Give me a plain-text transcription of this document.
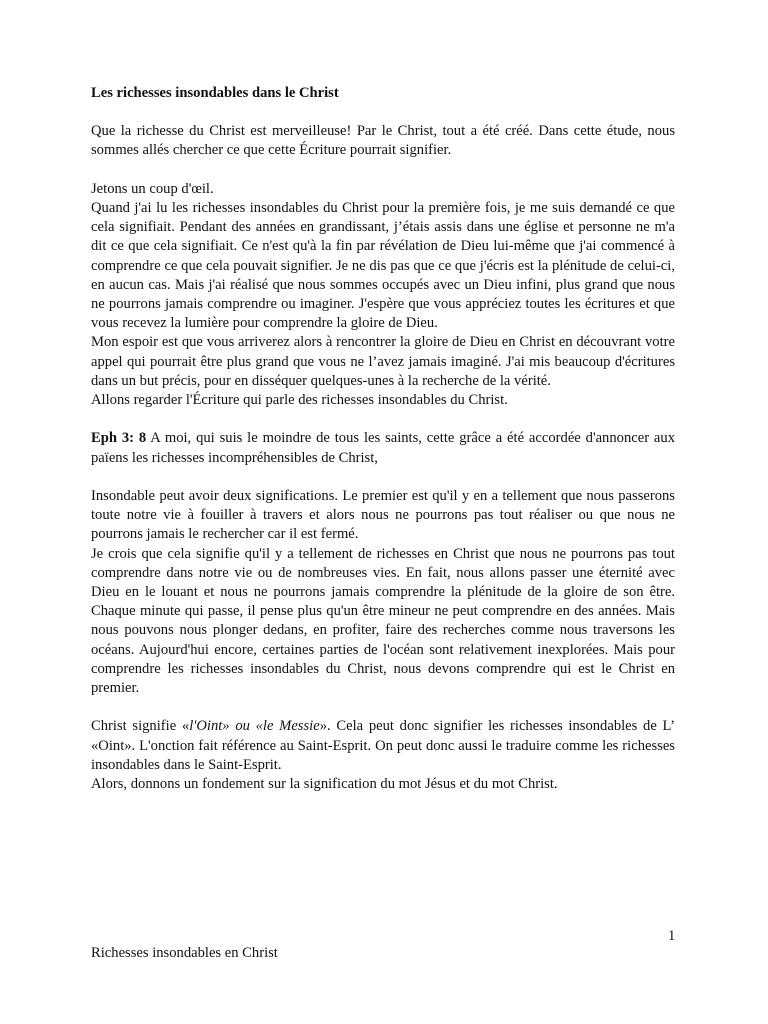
Les richesses insondables dans le Christ

Que la richesse du Christ est merveilleuse! Par le Christ, tout a été créé. Dans cette étude, nous sommes allés chercher ce que cette Écriture pourrait signifier.

Jetons un coup d'œil.

Quand j'ai lu les richesses insondables du Christ pour la première fois, je me suis demandé ce que cela signifiait. Pendant des années en grandissant, j’étais assis dans une église et personne ne m'a dit ce que cela signifiait. Ce n'est qu'à la fin par révélation de Dieu lui-même que j'ai commencé à comprendre ce que cela pouvait signifier. Je ne dis pas que ce que j'écris est la plénitude de celui-ci, en aucun cas. Mais j'ai réalisé que nous sommes occupés avec un Dieu infini, plus grand que nous ne pourrons jamais comprendre ou imaginer. J'espère que vous appréciez toutes les écritures et que vous recevez la lumière pour comprendre la gloire de Dieu.

Mon espoir est que vous arriverez alors à rencontrer la gloire de Dieu en Christ en découvrant votre appel qui pourrait être plus grand que vous ne l’avez jamais imaginé. J'ai mis beaucoup d'écritures dans un but précis, pour en disséquer quelques-unes à la recherche de la vérité.

Allons regarder l'Écriture qui parle des richesses insondables du Christ.

Eph 3: 8 A moi, qui suis le moindre de tous les saints, cette grâce a été accordée d'annoncer aux païens les richesses incompréhensibles de Christ,

Insondable peut avoir deux significations. Le premier est qu'il y en a tellement que nous passerons toute notre vie à fouiller à travers et alors nous ne pourrons pas tout réaliser ou que nous ne pourrons jamais le rechercher car il est fermé.

Je crois que cela signifie qu'il y a tellement de richesses en Christ que nous ne pourrons pas tout comprendre dans notre vie ou de nombreuses vies. En fait, nous allons passer une éternité avec Dieu en le louant et nous ne pourrons jamais comprendre la plénitude de la gloire de son être. Chaque minute qui passe, il pense plus qu'un être mineur ne peut comprendre en des années. Mais nous pouvons nous plonger dedans, en profiter, faire des recherches comme nous traversons les océans. Aujourd'hui encore, certaines parties de l'océan sont relativement inexplorées. Mais pour comprendre les richesses insondables du Christ, nous devons comprendre qui est le Christ en premier.

Christ signifie «l'Oint» ou «le Messie». Cela peut donc signifier les richesses insondables de L’ «Oint». L'onction fait référence au Saint-Esprit. On peut donc aussi le traduire comme les richesses insondables dans le Saint-Esprit.

Alors, donnons un fondement sur la signification du mot Jésus et du mot Christ.

1
Richesses insondables en Christ
